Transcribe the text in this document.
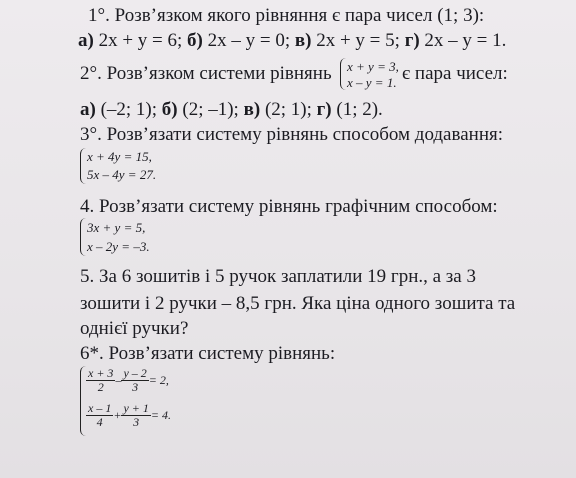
1°. Розв’язком якого рівняння є пара чисел (1; 3):
а) 2x + y = 6; б) 2x – y = 0; в) 2x + y = 5; г) 2x – y = 1.
2°. Розв’язком системи рівнянь x + y = 3,
x – y = 1. є пара чисел:
а) (–2; 1); б) (2; –1); в) (2; 1); г) (1; 2).
3°. Розв’язати систему рівнянь способом додавання:
x + 4y = 15,
5x – 4y = 27.
4. Розв’язати систему рівнянь графічним способом:
3x + y = 5,
x – 2y = –3.
5. За 6 зошитів і 5 ручок заплатили 19 грн., а за 3
зошити і 2 ручки – 8,5 грн. Яка ціна одного зошита та
однієї ручки?
6*. Розв’язати систему рівнянь:
$\frac{x + 3}{2} - \frac{y - 2}{3} = 2$,
$\frac{x - 1}{4} + \frac{y + 1}{3} = 4$.
